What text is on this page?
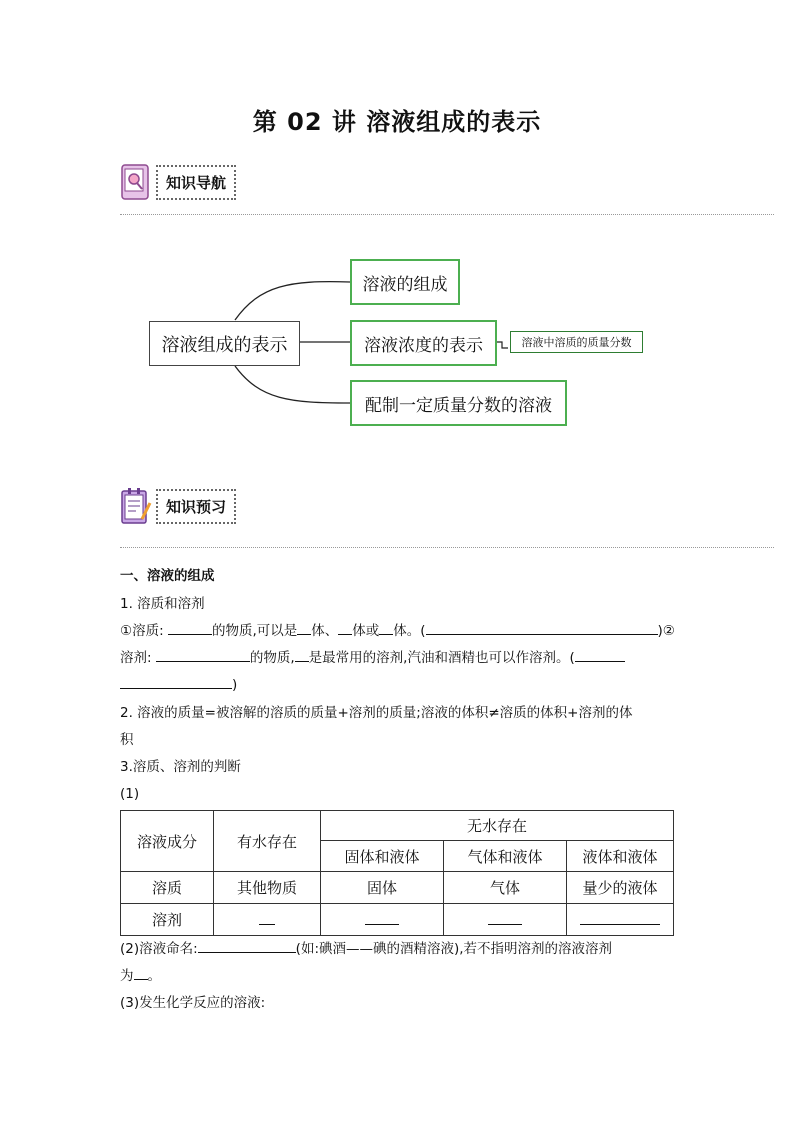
第 02 讲 溶液组成的表示
知识导航
溶液组成的表示
溶液的组成
溶液浓度的表示	溶液中溶质的质量分数
配制一定质量分数的溶液
知识预习
一、溶液的组成
1. 溶质和溶剂
①溶质:	的物质,可以是 体、 体或 体。(	)②
溶剂:	的物质, 是最常用的溶剂,汽油和酒精也可以作溶剂。(
)
2. 溶液的质量=被溶解的溶质的质量+溶剂的质量;溶液的体积≠溶质的体积+溶剂的体
积
3.溶质、溶剂的判断
(1)
溶液成分	有水存在	无水存在		
		固体和液体	气体和液体	液体和液体
溶质	其他物质	固体	气体	量少的液体
溶剂				
(2)溶液命名:	(如:碘酒——碘的酒精溶液),若不指明溶剂的溶液溶剂
为 。
(3)发生化学反应的溶液:
